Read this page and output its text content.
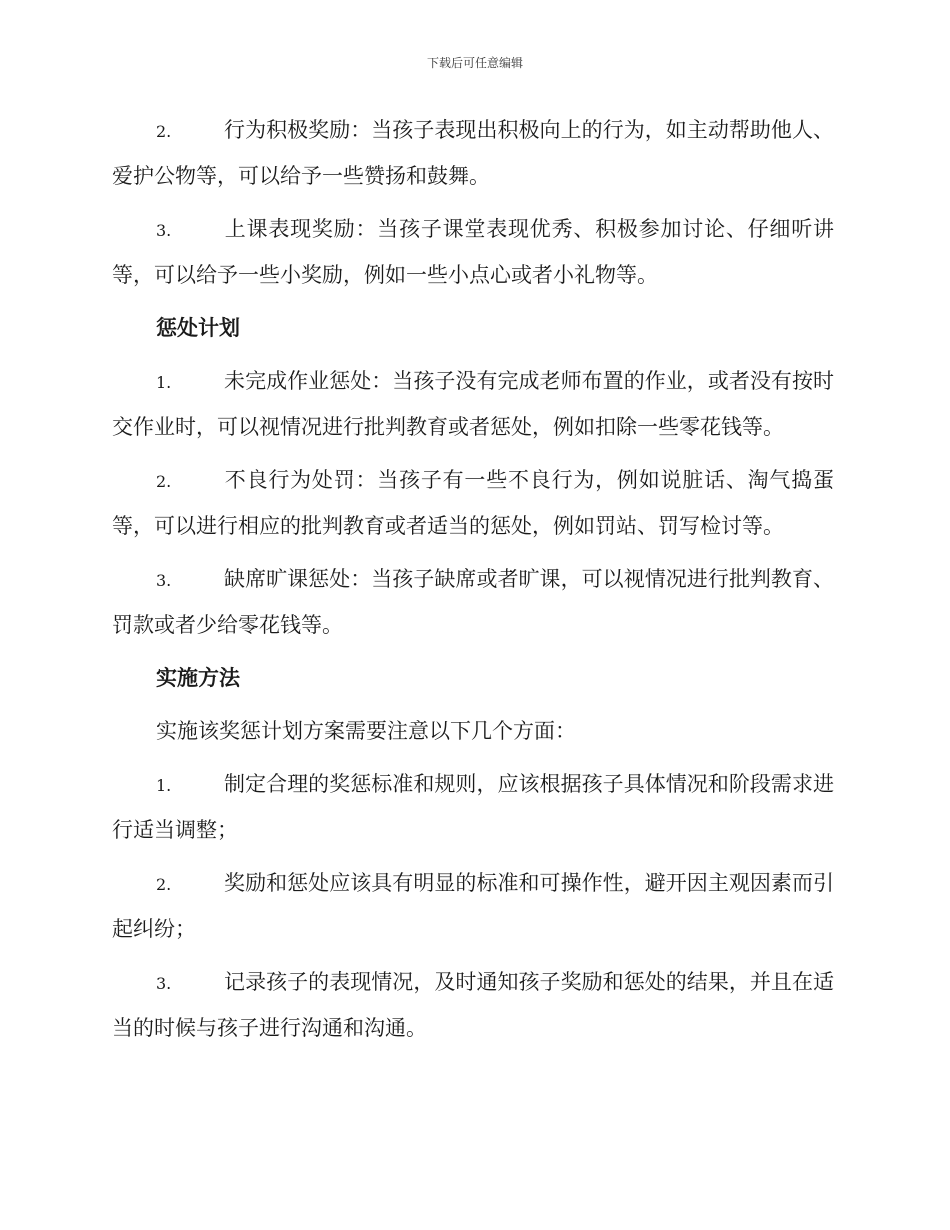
下载后可任意编辑
2.	行为积极奖励：当孩子表现出积极向上的行为，如主动帮助他人、爱护公物等，可以给予一些赞扬和鼓舞。
3.	上课表现奖励：当孩子课堂表现优秀、积极参加讨论、仔细听讲等，可以给予一些小奖励，例如一些小点心或者小礼物等。
惩处计划
1.	未完成作业惩处：当孩子没有完成老师布置的作业，或者没有按时交作业时，可以视情况进行批判教育或者惩处，例如扣除一些零花钱等。
2.	不良行为处罚：当孩子有一些不良行为，例如说脏话、淘气捣蛋等，可以进行相应的批判教育或者适当的惩处，例如罚站、罚写检讨等。
3.	缺席旷课惩处：当孩子缺席或者旷课，可以视情况进行批判教育、罚款或者少给零花钱等。
实施方法
实施该奖惩计划方案需要注意以下几个方面：
1.	制定合理的奖惩标准和规则，应该根据孩子具体情况和阶段需求进行适当调整；
2.	奖励和惩处应该具有明显的标准和可操作性，避开因主观因素而引起纠纷；
3.	记录孩子的表现情况，及时通知孩子奖励和惩处的结果，并且在适当的时候与孩子进行沟通和沟通。
